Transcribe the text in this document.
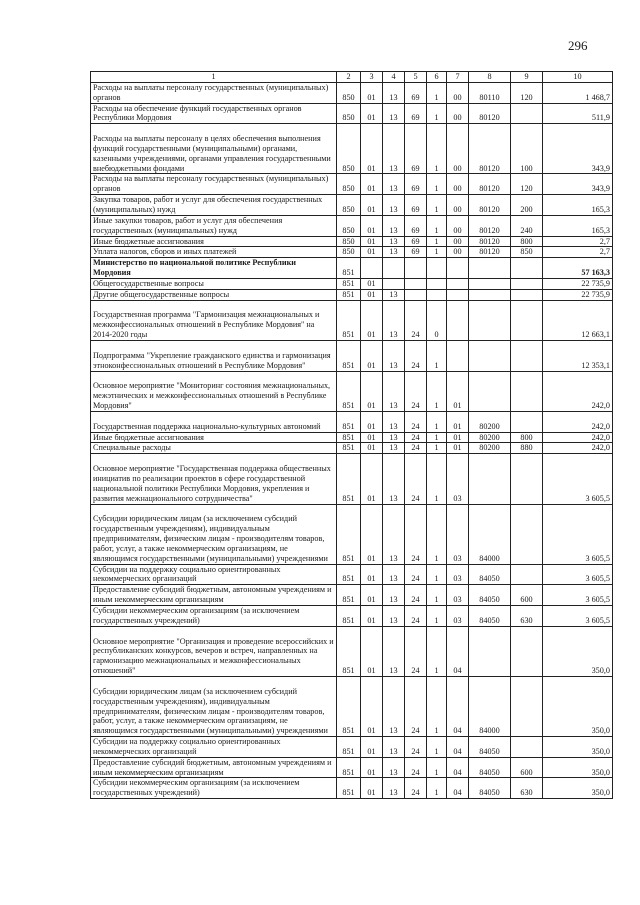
296
1	2	3	4	5	6	7	8	9	10
Расходы на выплаты персоналу государственных (муниципальных) органов	850	01	13	69	1	00	80110	120	1 468,7
Расходы на обеспечение функций государственных органов Республики Мордовия	850	01	13	69	1	00	80120		511,9
Расходы на выплаты персоналу в целях обеспечения выполнения функций государственными (муниципальными) органами, казенными учреждениями, органами управления государственными внебюджетными фондами	850	01	13	69	1	00	80120	100	343,9
Расходы на выплаты персоналу государственных (муниципальных) органов	850	01	13	69	1	00	80120	120	343,9
Закупка товаров, работ и услуг для обеспечения государственных (муниципальных) нужд	850	01	13	69	1	00	80120	200	165,3
Иные закупки товаров, работ и услуг для обеспечения государственных (муниципальных) нужд	850	01	13	69	1	00	80120	240	165,3
Иные бюджетные ассигнования	850	01	13	69	1	00	80120	800	2,7
Уплата налогов, сборов и иных платежей	850	01	13	69	1	00	80120	850	2,7
Министерство по национальной политике Республики Мордовия	851								57 163,3
Общегосударственные вопросы	851	01							22 735,9
Другие общегосударственные вопросы	851	01	13						22 735,9
Государственная программа "Гармонизация межнациональных и межконфессиональных отношений в Республике Мордовия" на 2014-2020 годы	851	01	13	24	0				12 663,1
Подпрограмма "Укрепление гражданского единства и гармонизация этноконфессиональных отношений в Республике Мордовия"	851	01	13	24	1				12 353,1
Основное мероприятие "Мониторинг состояния межнациональных, межэтнических и межконфессиональных отношений в Республике Мордовия"	851	01	13	24	1	01			242,0
Государственная поддержка национально-культурных автономий	851	01	13	24	1	01	80200		242,0
Иные бюджетные ассигнования	851	01	13	24	1	01	80200	800	242,0
Специальные расходы	851	01	13	24	1	01	80200	880	242,0
Основное мероприятие "Государственная поддержка общественных инициатив по реализации проектов в сфере государственной национальной политики Республики Мордовия, укрепления и развития межнационального сотрудничества"	851	01	13	24	1	03			3 605,5
Субсидии юридическим лицам (за исключением субсидий государственным учреждениям), индивидуальным предпринимателям, физическим лицам - производителям товаров, работ, услуг, а также некоммерческим организациям, не являющимся государственными (муниципальными) учреждениями	851	01	13	24	1	03	84000		3 605,5
Субсидии на поддержку социально ориентированных некоммерческих организаций	851	01	13	24	1	03	84050		3 605,5
Предоставление субсидий бюджетным, автономным учреждениям и иным некоммерческим организациям	851	01	13	24	1	03	84050	600	3 605,5
Субсидии некоммерческим организациям (за исключением государственных учреждений)	851	01	13	24	1	03	84050	630	3 605,5
Основное мероприятие "Организация и проведение всероссийских и республиканских конкурсов, вечеров и встреч, направленных на гармонизацию межнациональных и межконфессиональных отношений"	851	01	13	24	1	04			350,0
Субсидии юридическим лицам (за исключением субсидий государственным учреждениям), индивидуальным предпринимателям, физическим лицам - производителям товаров, работ, услуг, а также некоммерческим организациям, не являющимся государственными (муниципальными) учреждениями	851	01	13	24	1	04	84000		350,0
Субсидии на поддержку социально ориентированных некоммерческих организаций	851	01	13	24	1	04	84050		350,0
Предоставление субсидий бюджетным, автономным учреждениям и иным некоммерческим организациям	851	01	13	24	1	04	84050	600	350,0
Субсидии некоммерческим организациям (за исключением государственных учреждений)	851	01	13	24	1	04	84050	630	350,0
